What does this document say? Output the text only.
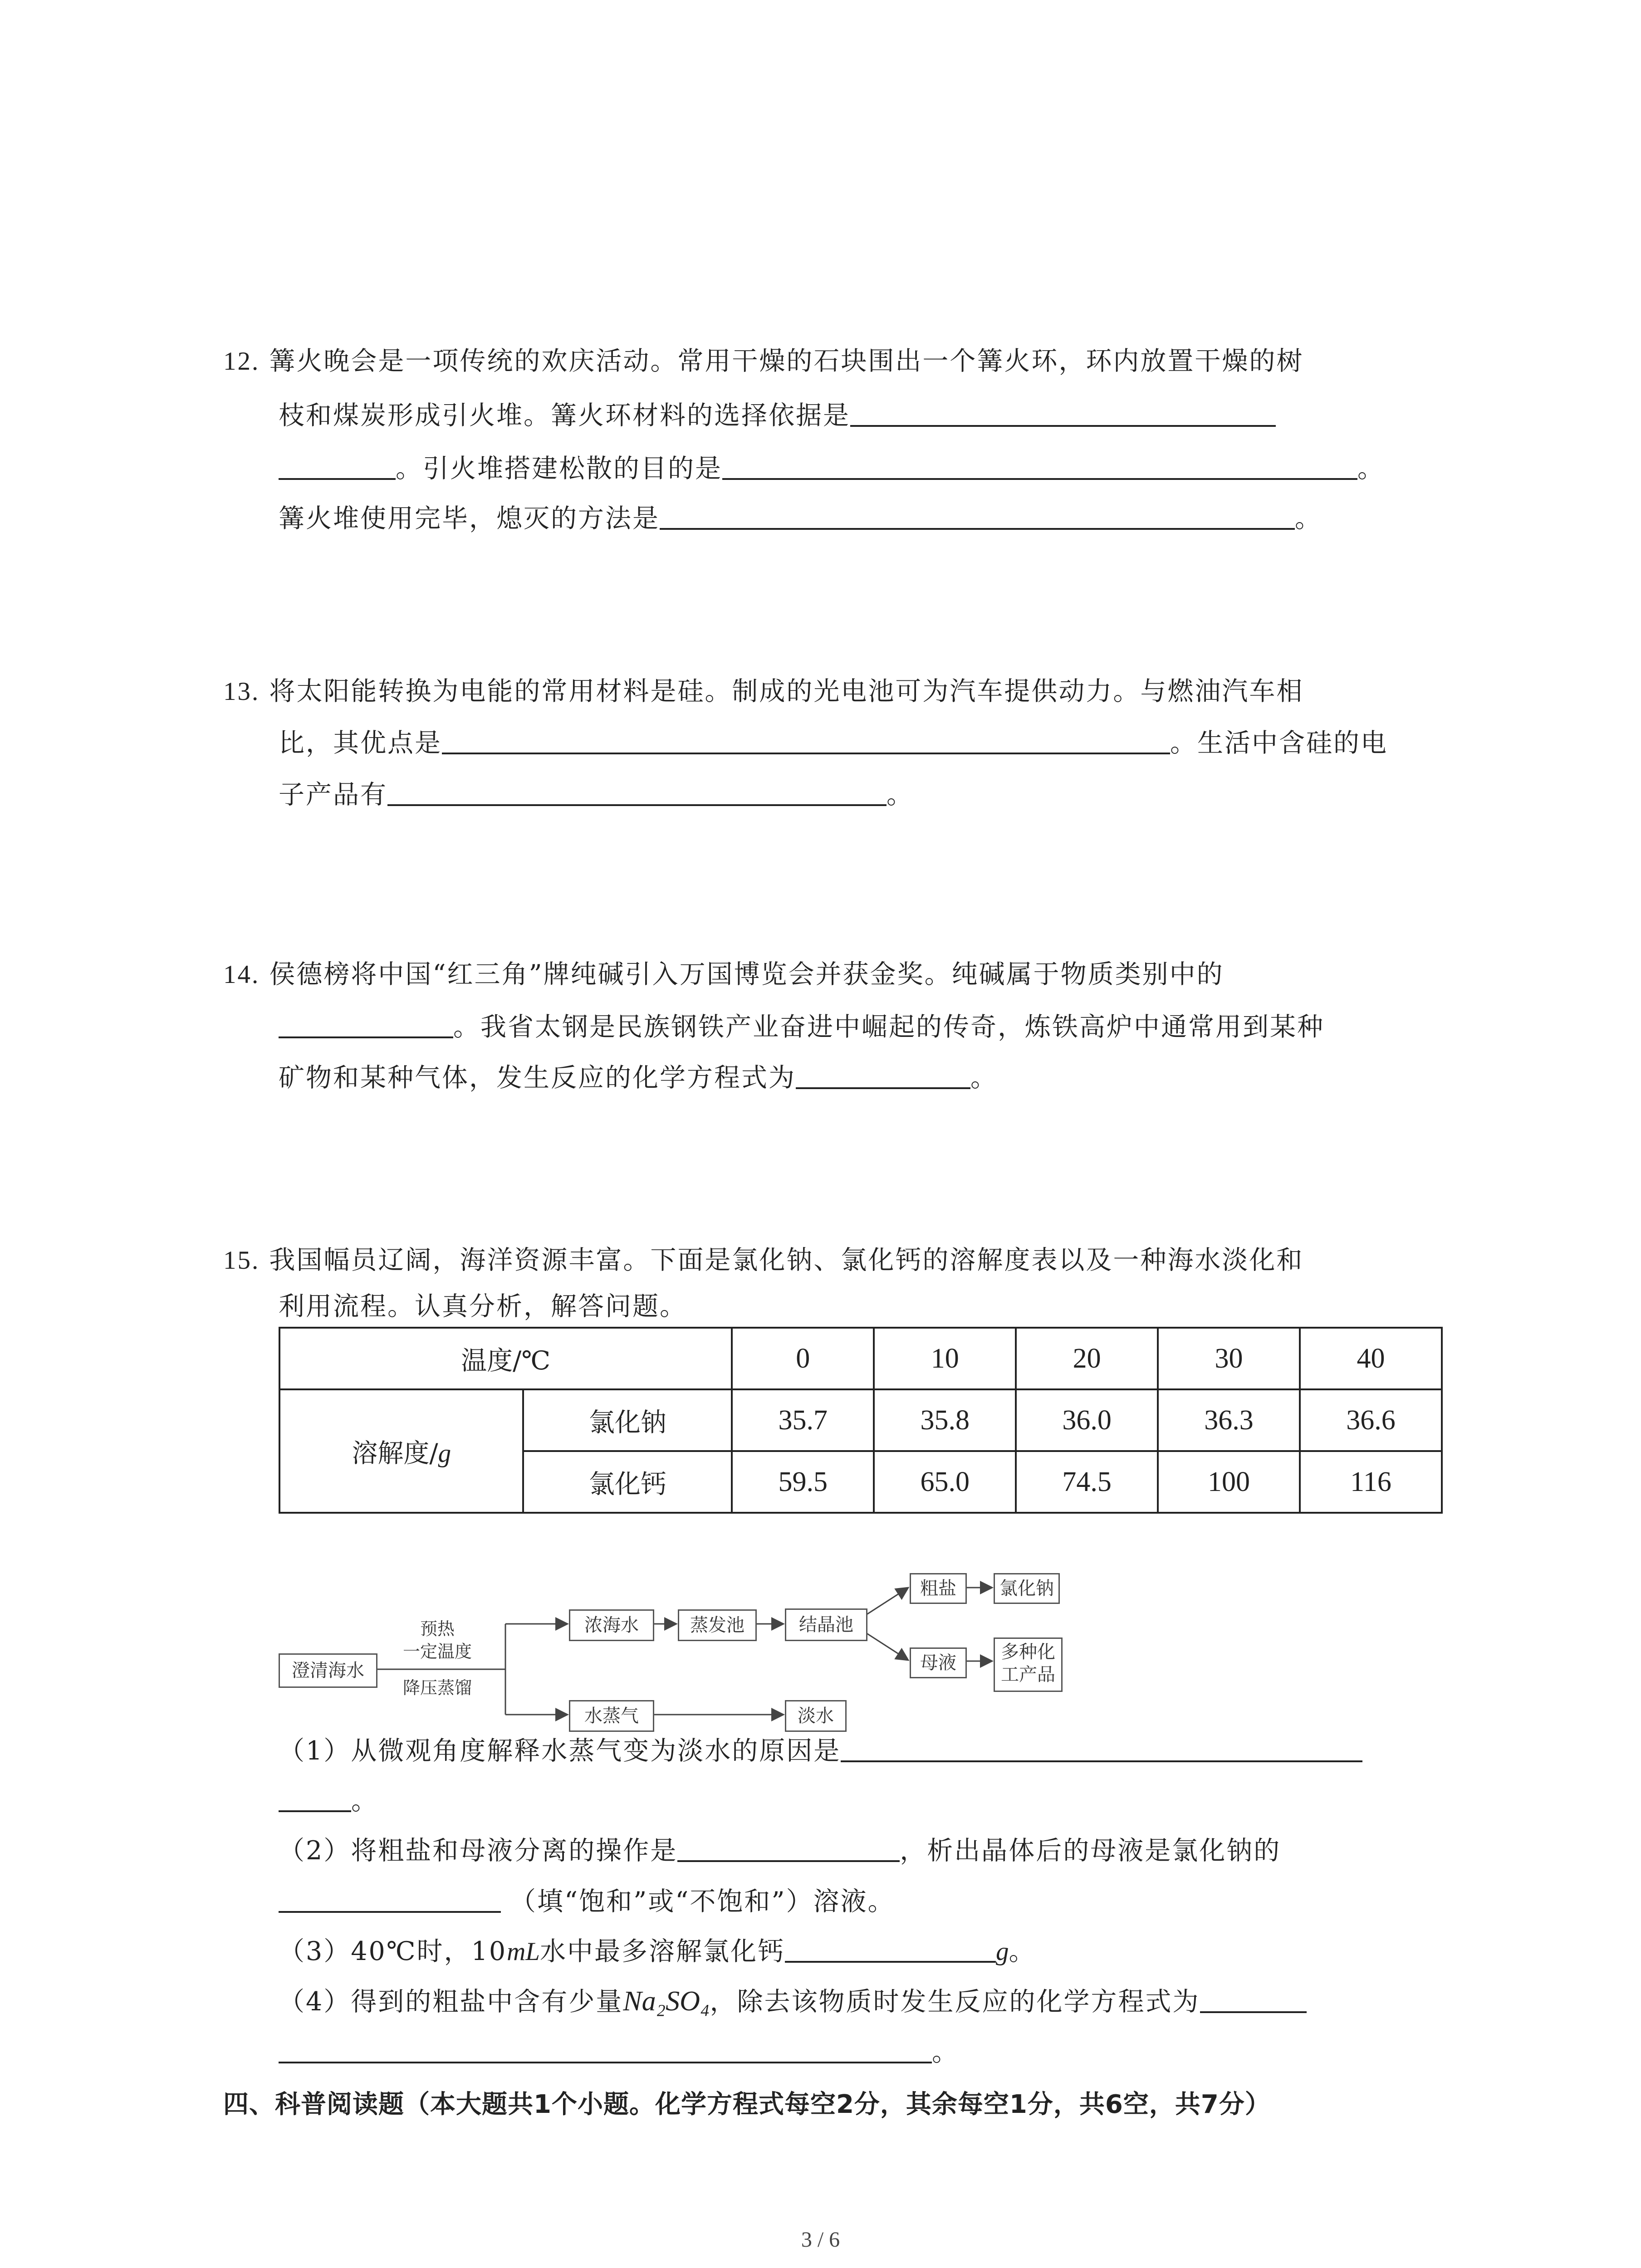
12. 篝火晚会是一项传统的欢庆活动。常用干燥的石块围出一个篝火环，环内放置干燥的树
枝和煤炭形成引火堆。篝火环材料的选择依据是
。引火堆搭建松散的目的是	。
篝火堆使用完毕，熄灭的方法是	。
13. 将太阳能转换为电能的常用材料是硅。制成的光电池可为汽车提供动力。与燃油汽车相
比，其优点是	。生活中含硅的电
子产品有	。
14. 侯德榜将中国“红三角”牌纯碱引入万国博览会并获金奖。纯碱属于物质类别中的
。我省太钢是民族钢铁产业奋进中崛起的传奇，炼铁高炉中通常用到某种
矿物和某种气体，发生反应的化学方程式为	。
15. 我国幅员辽阔，海洋资源丰富。下面是氯化钠、氯化钙的溶解度表以及一种海水淡化和
利用流程。认真分析，解答问题。
温度/℃		0	10	20	30	40
溶解度/g	氯化钠	35.7	35.8	36.0	36.3	36.6
	氯化钙	59.5	65.0	74.5	100	116
澄清海水
预热
一定温度
降压蒸馏
浓海水	蒸发池	结晶池
粗盐	氯化钠
母液
多种化
工产品
水蒸气	淡水
（1）从微观角度解释水蒸气变为淡水的原因是
。
（2）将粗盐和母液分离的操作是	，析出晶体后的母液是氯化钠的
（填“饱和”或“不饱和”）溶液。
（3）40℃时，10mL水中最多溶解氯化钙	g。
（4）得到的粗盐中含有少量Na₂SO₄，除去该物质时发生反应的化学方程式为
。
四、科普阅读题（本大题共1个小题。化学方程式每空2分，其余每空1分，共6空，共7分）
3 / 6
